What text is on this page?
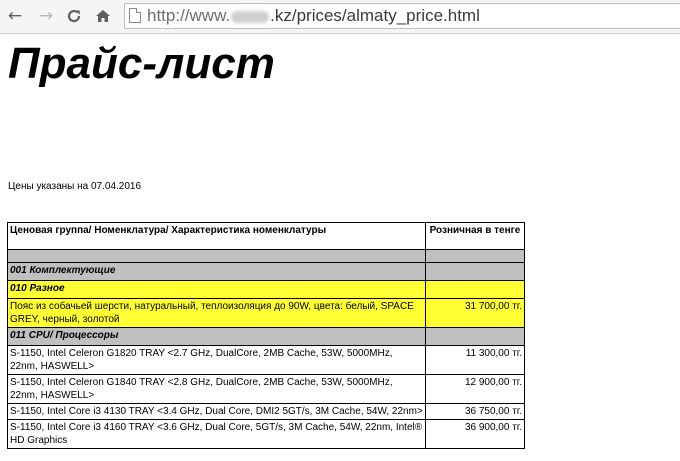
← →	http://www. .kz/prices/almaty_price.html
Прайс-лист
Цены указаны на 07.04.2016
Ценовая группа/ Номенклатура/ Характеристика номенклатуры	Розничная в тенге

001 Комплектующие	
010 Разное	
Пояс из собачьей шерсти, натуральный, теплоизоляция до 90W, цвета: белый, SPACE GREY, черный, золотой	31 700,00 тг.
011 CPU/ Процессоры	
S-1150, Intel Celeron G1820 TRAY <2.7 GHz, DualCore, 2MB Cache, 53W, 5000MHz, 22nm, HASWELL>	11 300,00 тг.
S-1150, Intel Celeron G1840 TRAY <2.8 GHz, DualCore, 2MB Cache, 53W, 5000MHz, 22nm, HASWELL>	12 900,00 тг.
S-1150, Intel Core i3 4130 TRAY <3.4 GHz, Dual Core, DMI2 5GT/s, 3M Cache, 54W, 22nm>	36 750,00 тг.
S-1150, Intel Core i3 4160 TRAY <3.6 GHz, Dual Core, 5GT/s, 3M Cache, 54W, 22nm, Intel® HD Graphics	36 900,00 тг.
